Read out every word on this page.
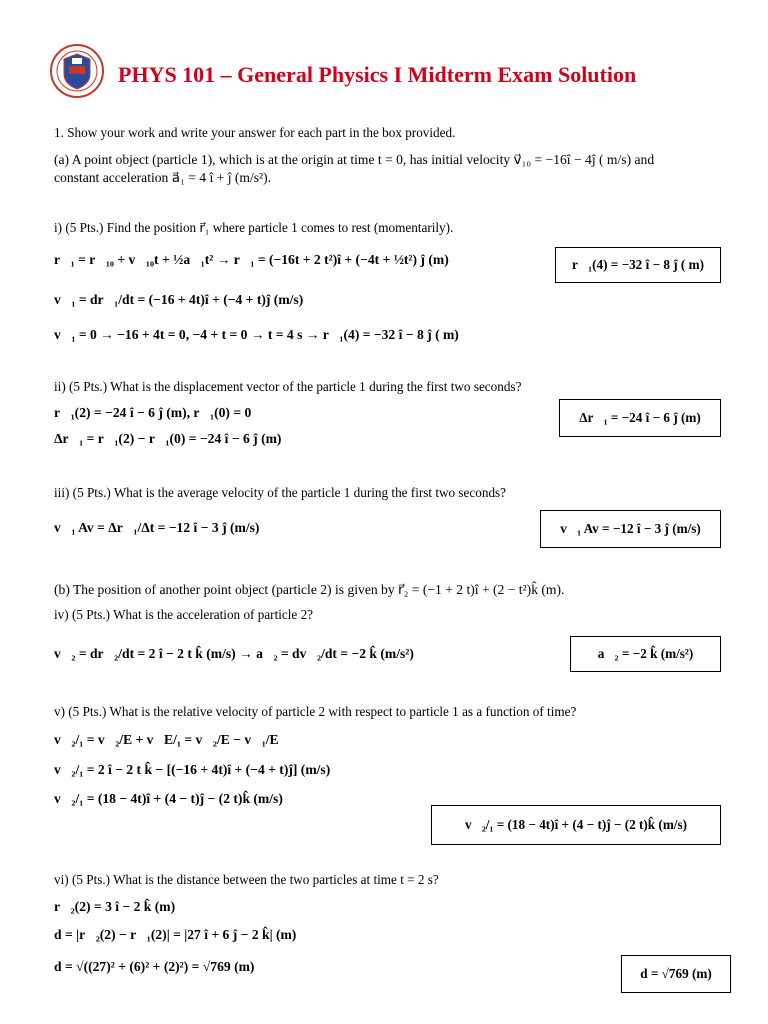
PHYS 101 – General Physics I Midterm Exam Solution
1. Show your work and write your answer for each part in the box provided.
(a) A point object (particle 1), which is at the origin at time t = 0, has initial velocity v⃗₁₀ = −16î − 4ĵ ( m/s) and
constant acceleration a⃗₁ = 4 î + ĵ (m/s²).
i) (5 Pts.) Find the position r⃗₁ where particle 1 comes to rest (momentarily).
r⃗₁ = r⃗₁₀ + v⃗₁₀t + ½a⃗₁t² → r⃗₁ = (−16t + 2 t²)î + (−4t + ½t²) ĵ (m)
v⃗₁ = dr⃗₁/dt = (−16 + 4t)î + (−4 + t)ĵ (m/s)
v⃗₁ = 0 → −16 + 4t = 0, −4 + t = 0 → t = 4 s → r⃗₁(4) = −32 î − 8 ĵ ( m)
r⃗₁(4) = −32 î − 8 ĵ ( m)
ii) (5 Pts.) What is the displacement vector of the particle 1 during the first two seconds?
r⃗₁(2) = −24 î − 6 ĵ (m), r⃗₁(0) = 0
Δr⃗₁ = r⃗₁(2) − r⃗₁(0) = −24 î − 6 ĵ (m)
Δr⃗₁ = −24 î − 6 ĵ (m)
iii) (5 Pts.) What is the average velocity of the particle 1 during the first two seconds?
v⃗₁ Av = Δr⃗₁/Δt = −12 î − 3 ĵ (m/s)	v⃗₁ Av = −12 î − 3 ĵ (m/s)
(b) The position of another point object (particle 2) is given by r⃗₂ = (−1 + 2 t)î + (2 − t²)k̂ (m).
iv) (5 Pts.) What is the acceleration of particle 2?
v⃗₂ = dr⃗₂/dt = 2 î − 2 t k̂ (m/s) → a⃗₂ = dv⃗₂/dt = −2 k̂ (m/s²)	a⃗₂ = −2 k̂ (m/s²)
v) (5 Pts.) What is the relative velocity of particle 2 with respect to particle 1 as a function of time?
v⃗₂/₁ = v⃗₂/E + v⃗E/₁ = v⃗₂/E − v⃗₁/E
v⃗₂/₁ = 2 î − 2 t k̂ − [(−16 + 4t)î + (−4 + t)ĵ] (m/s)
v⃗₂/₁ = (18 − 4t)î + (4 − t)ĵ − (2 t)k̂ (m/s)
v⃗₂/₁ = (18 − 4t)î + (4 − t)ĵ − (2 t)k̂ (m/s)
vi) (5 Pts.) What is the distance between the two particles at time t = 2 s?
r⃗₂(2) = 3 î − 2 k̂ (m)
d = |r⃗₂(2) − r⃗₁(2)| = |27 î + 6 ĵ − 2 k̂| (m)
d = √((27)² + (6)² + (2)²) = √769 (m)	d = √769 (m)
